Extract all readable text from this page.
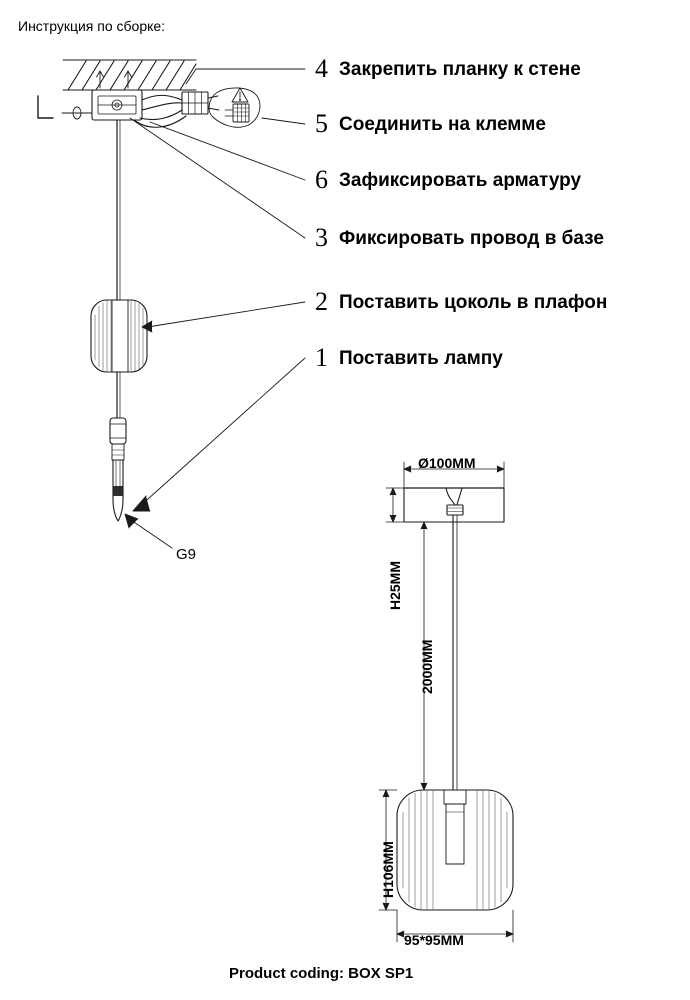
Инструкция по сборке:
4 Закрепить планку к стене
5 Соединить на клемме
6 Зафиксировать арматуру
3 Фиксировать провод в базе
2 Поставить цоколь в плафон
1 Поставить лампу
G9
Ø100MM
H25MM
2000MM
H106MM
95*95MM
Product coding: BOX SP1
